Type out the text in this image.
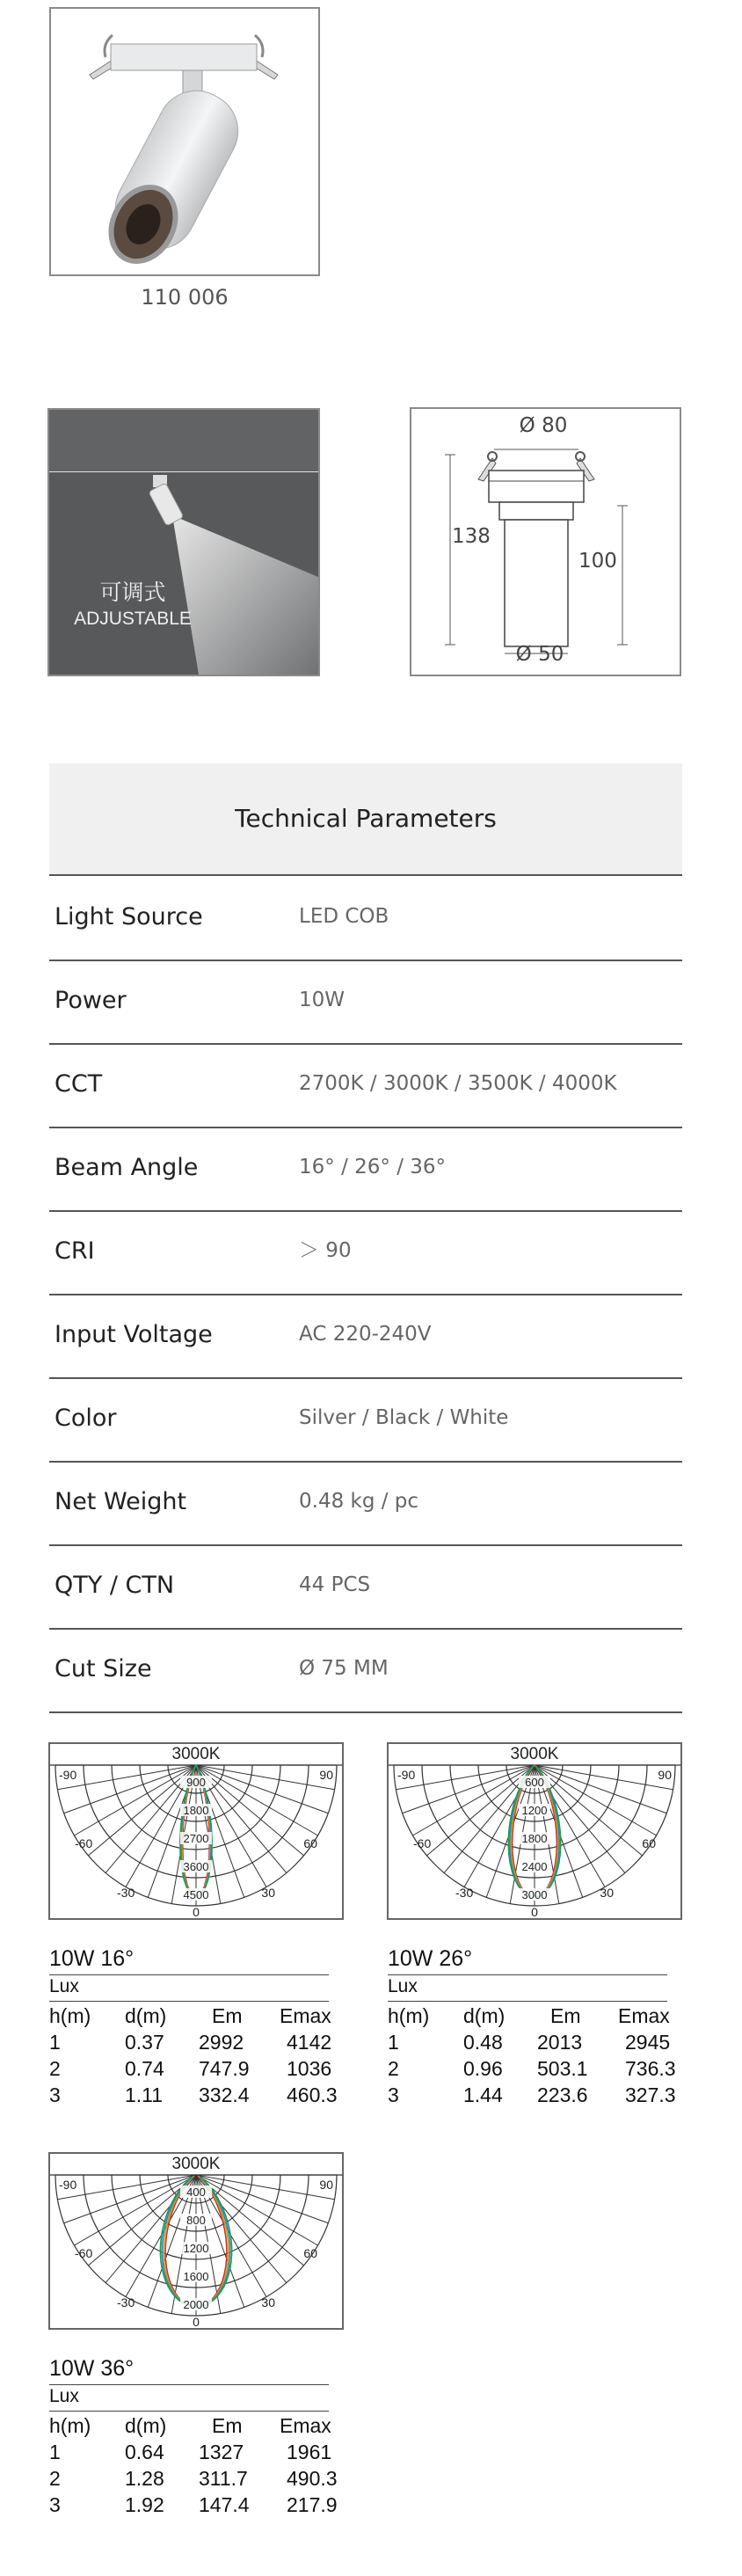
110 006
可调式
ADJUSTABLE
Ø 80
138
100
Ø 50
Technical Parameters
Light Source	LED COB
Power	10W
CCT	2700K / 3000K / 3500K / 4000K
Beam Angle	16° / 26° / 36°
CRI	＞ 90
Input Voltage	AC 220-240V
Color	Silver / Black / White
Net Weight	0.48 kg / pc
QTY / CTN	44 PCS
Cut Size	Ø 75 MM
3000K
-90	90
-60	60
-30	30
0
900
1800
2700
3600
4500
3000K
-90	90
-60	60
-30	30
0
600
1200
1800
2400
3000
3000K
-90	90
-60	60
-30	30
0
400
800
1200
1600
2000
10W 16°
Lux
h(m) d(m) Em Emax
1	0.37 2992 4142
2	0.74 747.9 1036
3	1.11 332.4 460.3
10W 26°
Lux
h(m) d(m) Em Emax
1	0.48 2013 2945
2	0.96 503.1 736.3
3	1.44 223.6 327.3
10W 36°
Lux
h(m) d(m) Em Emax
1	0.64 1327 1961
2	1.28 311.7 490.3
3	1.92 147.4 217.9
